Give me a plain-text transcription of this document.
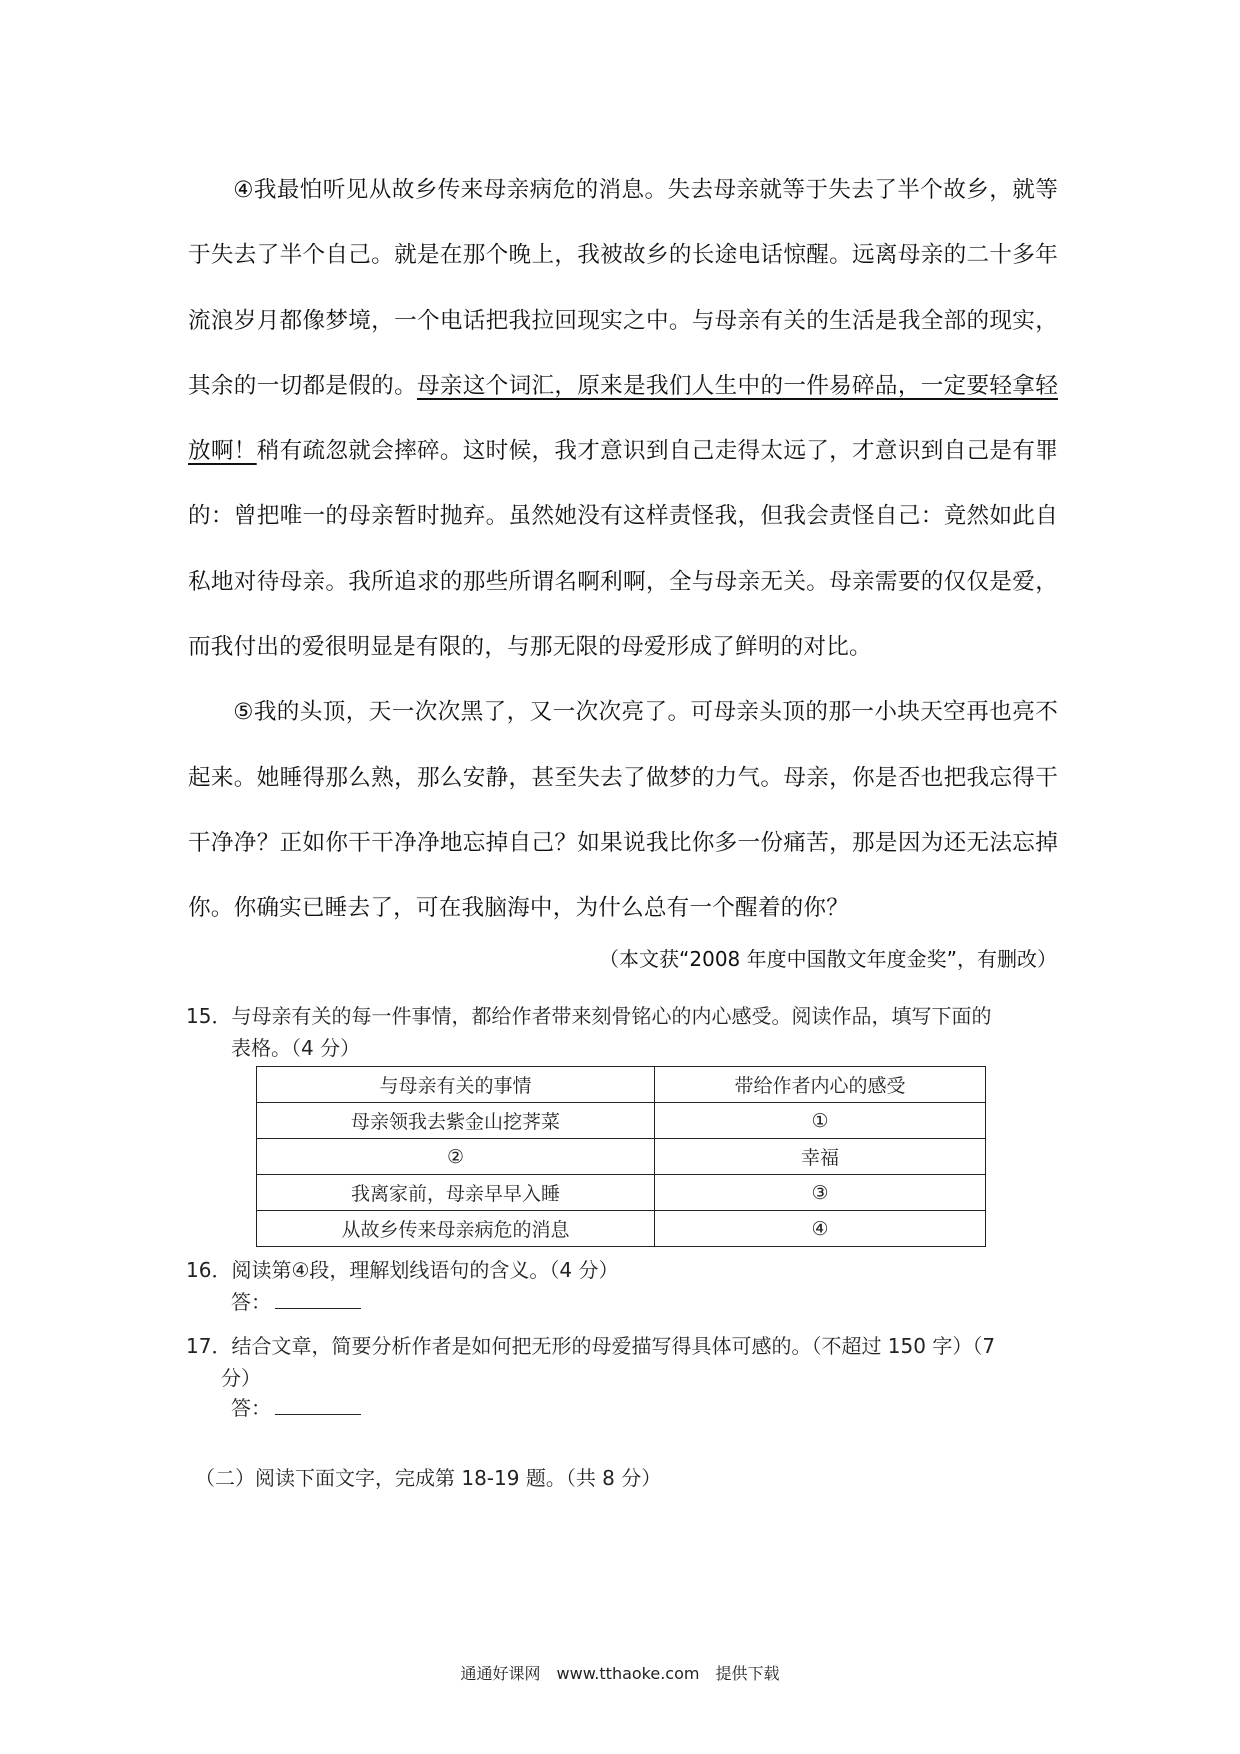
④我最怕听见从故乡传来母亲病危的消息。失去母亲就等于失去了半个故乡，就等于失去了半个自己。就是在那个晚上，我被故乡的长途电话惊醒。远离母亲的二十多年流浪岁月都像梦境，一个电话把我拉回现实之中。与母亲有关的生活是我全部的现实，其余的一切都是假的。母亲这个词汇，原来是我们人生中的一件易碎品，一定要轻拿轻放啊！稍有疏忽就会摔碎。这时候，我才意识到自己走得太远了，才意识到自己是有罪的：曾把唯一的母亲暂时抛弃。虽然她没有这样责怪我，但我会责怪自己：竟然如此自私地对待母亲。我所追求的那些所谓名啊利啊，全与母亲无关。母亲需要的仅仅是爱，而我付出的爱很明显是有限的，与那无限的母爱形成了鲜明的对比。

⑤我的头顶，天一次次黑了，又一次次亮了。可母亲头顶的那一小块天空再也亮不起来。她睡得那么熟，那么安静，甚至失去了做梦的力气。母亲，你是否也把我忘得干干净净？正如你干干净净地忘掉自己？如果说我比你多一份痛苦，那是因为还无法忘掉你。你确实已睡去了，可在我脑海中，为什么总有一个醒着的你？

（本文获“2008 年度中国散文年度金奖”，有删改）
15．与母亲有关的每一件事情，都给作者带来刻骨铭心的内心感受。阅读作品，填写下面的
表格。（4 分）
与母亲有关的事情	带给作者内心的感受
母亲领我去紫金山挖荠菜	①
②	幸福
我离家前，母亲早早入睡	③
从故乡传来母亲病危的消息	④
16．阅读第④段，理解划线语句的含义。（4 分）
答：
17．结合文章，简要分析作者是如何把无形的母爱描写得具体可感的。（不超过 150 字）（7
分）
答：
（二）阅读下面文字，完成第 18-19 题。（共 8 分）
通通好课网　www.tthaoke.com　提供下载
